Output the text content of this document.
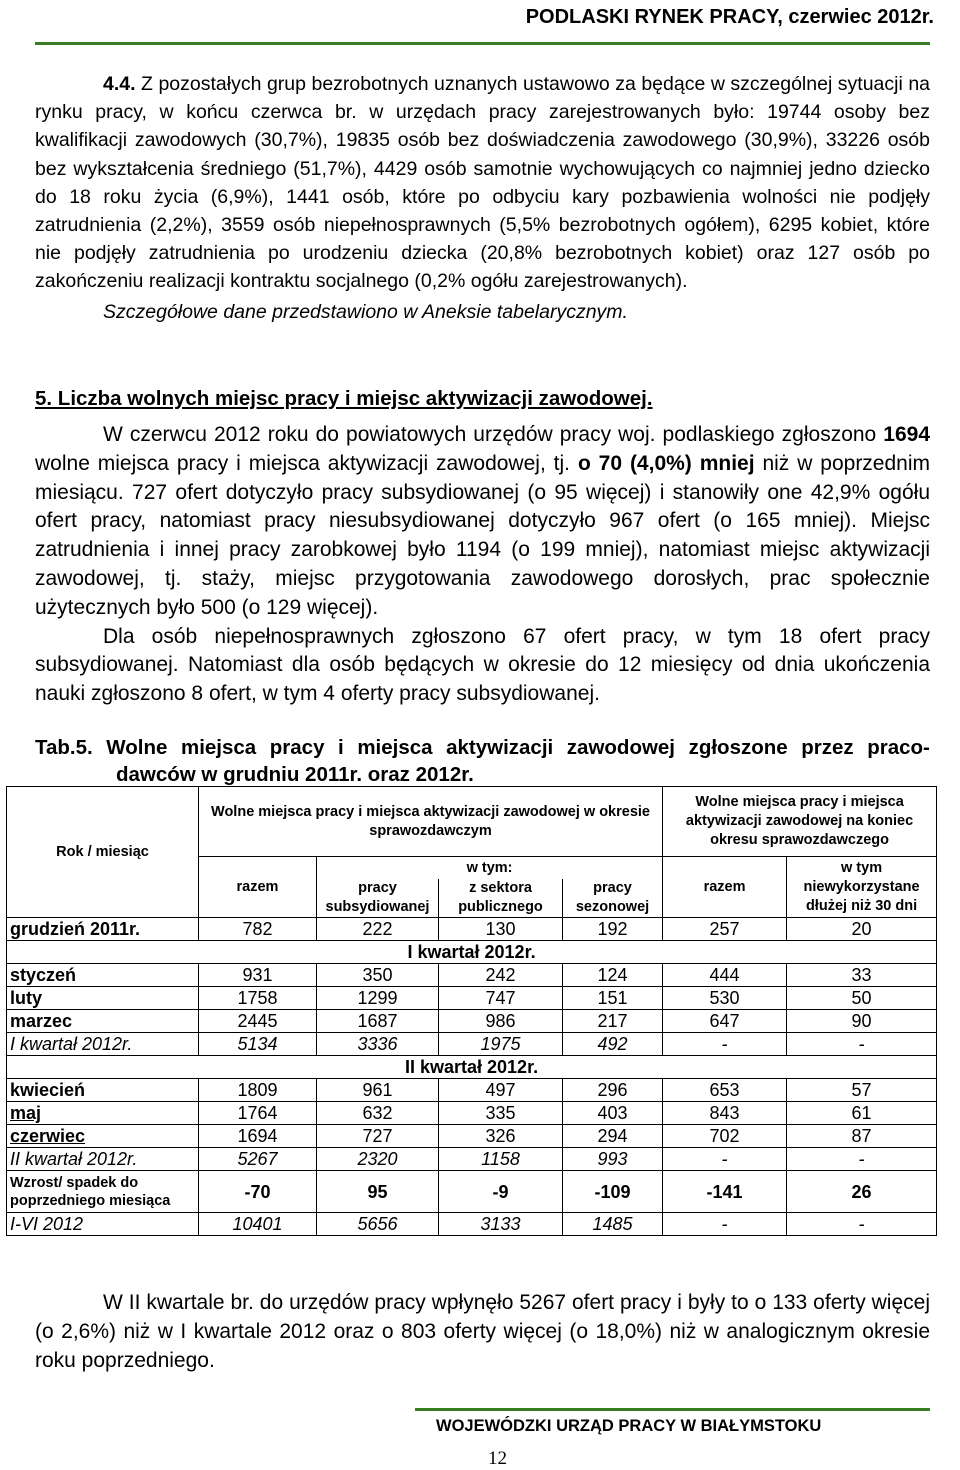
PODLASKI RYNEK PRACY, czerwiec 2012r.

4.4. Z pozostałych grup bezrobotnych uznanych ustawowo za będące w szczególnej sytuacji na rynku pracy, w końcu czerwca br. w urzędach pracy zarejestrowanych było: 19744 osoby bez kwalifikacji zawodowych (30,7%), 19835 osób bez doświadczenia zawodowego (30,9%), 33226 osób bez wykształcenia średniego (51,7%), 4429 osób samotnie wychowujących co najmniej jedno dziecko do 18 roku życia (6,9%), 1441 osób, które po odbyciu kary pozbawienia wolności nie podjęły zatrudnienia (2,2%), 3559 osób niepełnosprawnych (5,5% bezrobotnych ogółem), 6295 kobiet, które nie podjęły zatrudnienia po urodzeniu dziecka (20,8% bezrobotnych kobiet) oraz 127 osób po zakończeniu realizacji kontraktu socjalnego (0,2% ogółu zarejestrowanych).

Szczegółowe dane przedstawiono w Aneksie tabelarycznym.

5. Liczba wolnych miejsc pracy i miejsc aktywizacji zawodowej.

W czerwcu 2012 roku do powiatowych urzędów pracy woj. podlaskiego zgłoszono 1694 wolne miejsca pracy i miejsca aktywizacji zawodowej, tj. o 70 (4,0%) mniej niż w poprzednim miesiącu. 727 ofert dotyczyło pracy subsydiowanej (o 95 więcej) i stanowiły one 42,9% ogółu ofert pracy, natomiast pracy niesubsydiowanej dotyczyło 967 ofert (o 165 mniej). Miejsc zatrudnienia i innej pracy zarobkowej było 1194 (o 199 mniej), natomiast miejsc aktywizacji zawodowej, tj. staży, miejsc przygotowania zawodowego dorosłych, prac społecznie użytecznych było 500 (o 129 więcej).

Dla osób niepełnosprawnych zgłoszono 67 ofert pracy, w tym 18 ofert pracy subsydiowanej. Natomiast dla osób będących w okresie do 12 miesięcy od dnia ukończenia nauki zgłoszono 8 ofert, w tym 4 oferty pracy subsydiowanej.

Tab.5. Wolne miejsca pracy i miejsca aktywizacji zawodowej zgłoszone przez praco-
dawców w grudniu 2011r. oraz 2012r.
Rok / miesiąc	Wolne miejsca pracy i miejsca aktywizacji zawodowej w okresie sprawozdawczym				Wolne miejsca pracy i miejsca aktywizacji zawodowej na koniec okresu sprawozdawczego	
	razem	w tym:			razem	w tym niewykorzystane dłużej niż 30 dni
		pracy subsydiowanej	z sektora publicznego	pracy sezonowej		
grudzień 2011r.	782	222	130	192	257	20
I kwartał 2012r.						
styczeń	931	350	242	124	444	33
luty	1758	1299	747	151	530	50
marzec	2445	1687	986	217	647	90
I kwartał 2012r.	5134	3336	1975	492	-	-
II kwartał 2012r.						
kwiecień	1809	961	497	296	653	57
maj	1764	632	335	403	843	61
czerwiec	1694	727	326	294	702	87
II kwartał 2012r.	5267	2320	1158	993	-	-
Wzrost/ spadek do poprzedniego miesiąca	-70	95	-9	-109	-141	26
I-VI 2012	10401	5656	3133	1485	-	-

W II kwartale br. do urzędów pracy wpłynęło 5267 ofert pracy i były to o 133 oferty więcej (o 2,6%) niż w I kwartale 2012 oraz o 803 oferty więcej (o 18,0%) niż w analogicznym okresie roku poprzedniego.

WOJEWÓDZKI URZĄD PRACY W BIAŁYMSTOKU
12
